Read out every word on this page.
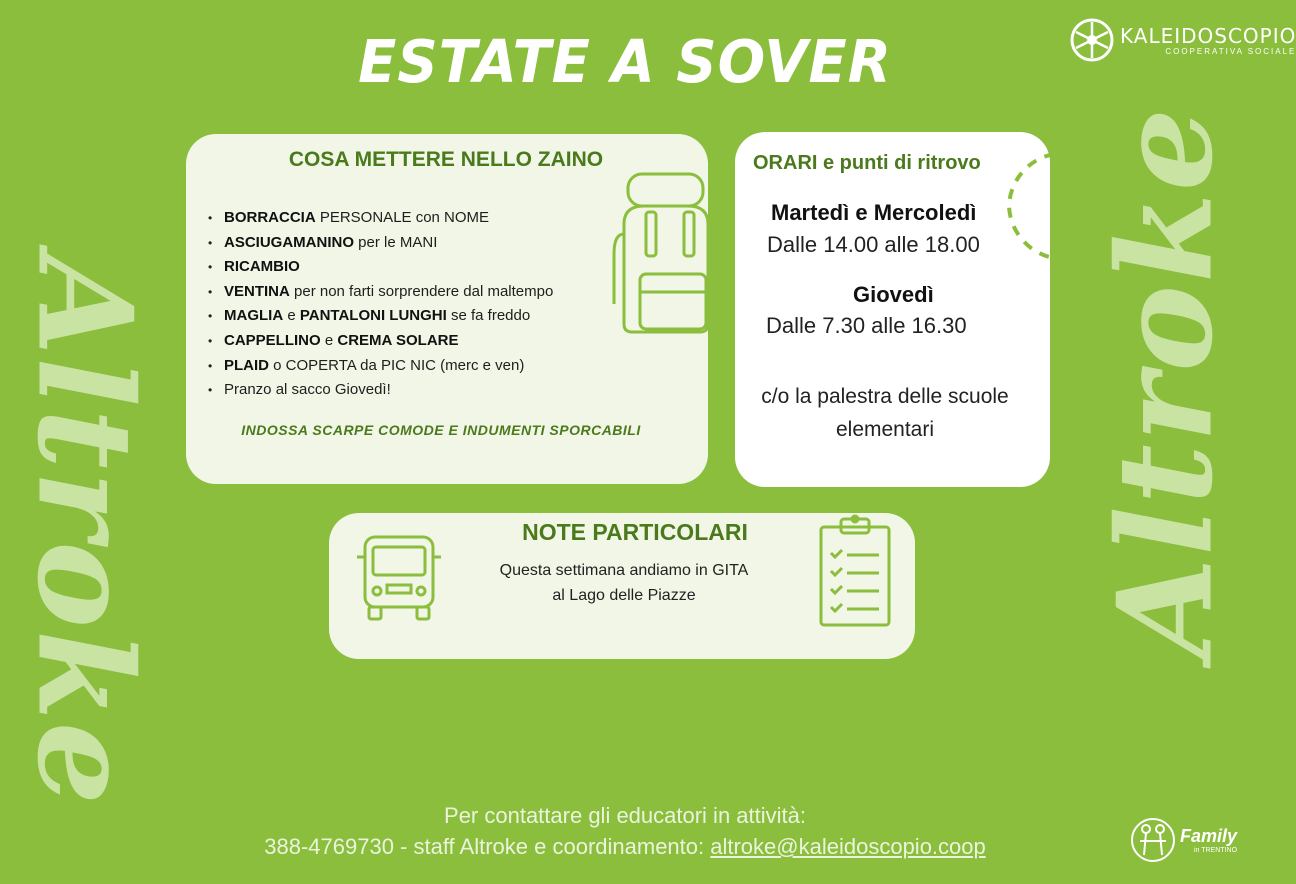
ESTATE A SOVER	KALEIDOSCOPIO
COOPERATIVA SOCIALE
Altroke	Altroke
COSA METTERE NELLO ZAINO
• BORRACCIA PERSONALE con NOME
• ASCIUGAMANINO per le MANI
• RICAMBIO
• VENTINA per non farti sorprendere dal maltempo
• MAGLIA e PANTALONI LUNGHI se fa freddo
• CAPPELLINO e CREMA SOLARE
• PLAID o COPERTA da PIC NIC (merc e ven)
• Pranzo al sacco Giovedì!
INDOSSA SCARPE COMODE E INDUMENTI SPORCABILI
ORARI e punti di ritrovo
Martedì e Mercoledì
Dalle 14.00 alle 18.00
Giovedì
Dalle 7.30 alle 16.30
c/o la palestra delle scuole elementari
NOTE PARTICOLARI
Questa settimana andiamo in GITA
al Lago delle Piazze
Per contattare gli educatori in attività:
388-4769730 - staff Altroke e coordinamento: altroke@kaleidoscopio.coop	Family
in TRENTINO
